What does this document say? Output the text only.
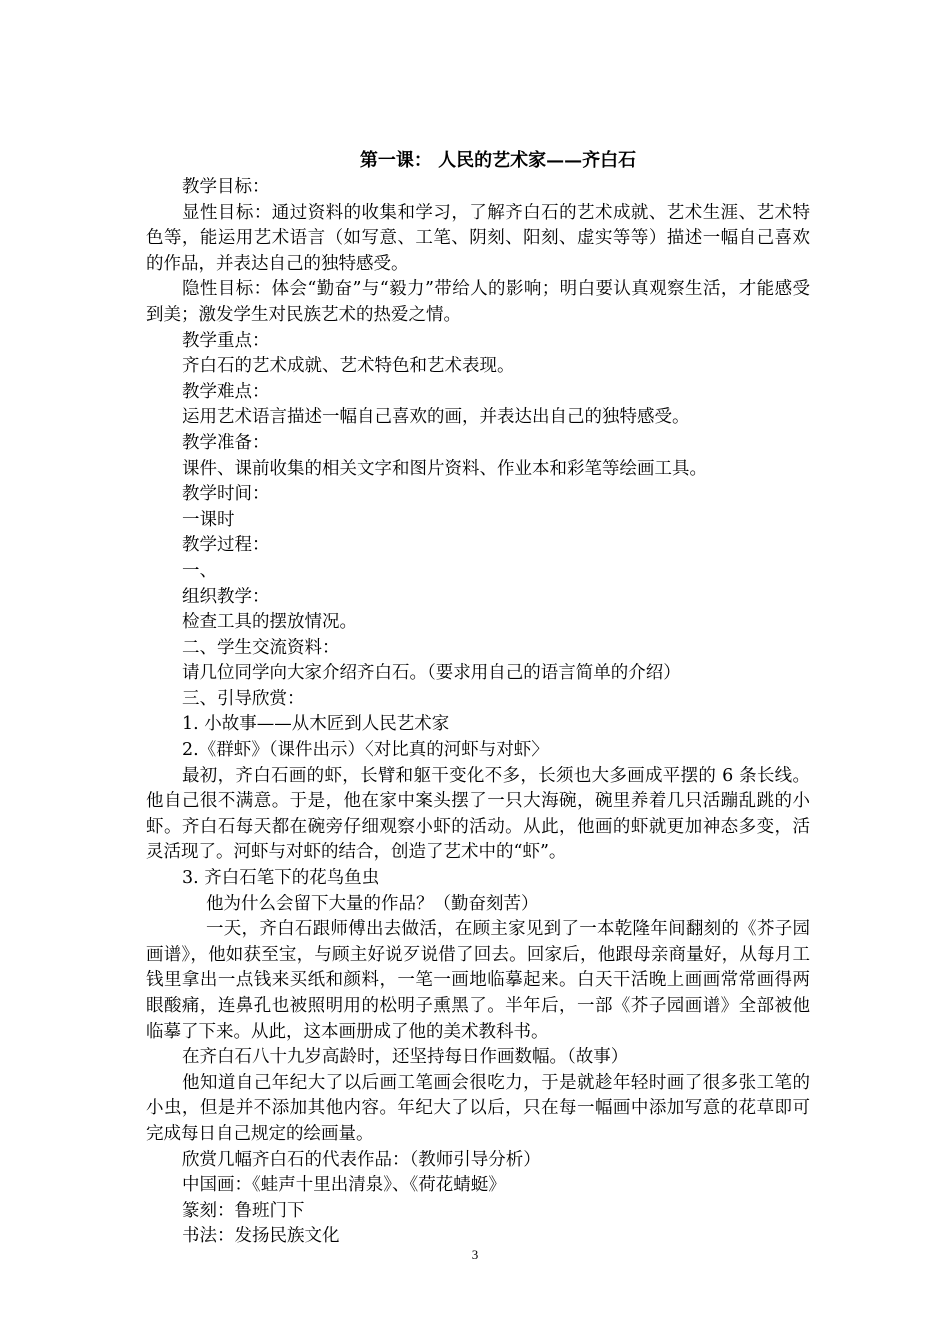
第一课： 人民的艺术家——齐白石

教学目标：

显性目标：通过资料的收集和学习，了解齐白石的艺术成就、艺术生涯、艺术特色等，能运用艺术语言（如写意、工笔、阴刻、阳刻、虚实等等）描述一幅自己喜欢的作品，并表达自己的独特感受。

隐性目标：体会“勤奋”与“毅力”带给人的影响；明白要认真观察生活，才能感受到美；激发学生对民族艺术的热爱之情。

教学重点：

齐白石的艺术成就、艺术特色和艺术表现。

教学难点：

运用艺术语言描述一幅自己喜欢的画，并表达出自己的独特感受。

教学准备：

课件、课前收集的相关文字和图片资料、作业本和彩笔等绘画工具。

教学时间：

一课时

教学过程：

一、

组织教学：

检查工具的摆放情况。

二、学生交流资料：

请几位同学向大家介绍齐白石。（要求用自己的语言简单的介绍）

三、引导欣赏：

1. 小故事——从木匠到人民艺术家

2.《群虾》（课件出示）〈对比真的河虾与对虾〉

最初，齐白石画的虾，长臂和躯干变化不多，长须也大多画成平摆的 6 条长线。他自己很不满意。于是，他在家中案头摆了一只大海碗，碗里养着几只活蹦乱跳的小虾。齐白石每天都在碗旁仔细观察小虾的活动。从此，他画的虾就更加神态多变，活灵活现了。河虾与对虾的结合，创造了艺术中的“虾”。

3. 齐白石笔下的花鸟鱼虫

他为什么会留下大量的作品？（勤奋刻苦）

一天，齐白石跟师傅出去做活，在顾主家见到了一本乾隆年间翻刻的《芥子园画谱》，他如获至宝，与顾主好说歹说借了回去。回家后，他跟母亲商量好，从每月工钱里拿出一点钱来买纸和颜料，一笔一画地临摹起来。白天干活晚上画画常常画得两眼酸痛，连鼻孔也被照明用的松明子熏黑了。半年后，一部《芥子园画谱》全部被他临摹了下来。从此，这本画册成了他的美术教科书。

在齐白石八十九岁高龄时，还坚持每日作画数幅。（故事）

他知道自己年纪大了以后画工笔画会很吃力，于是就趁年轻时画了很多张工笔的小虫，但是并不添加其他内容。年纪大了以后，只在每一幅画中添加写意的花草即可完成每日自己规定的绘画量。

欣赏几幅齐白石的代表作品：（教师引导分析）

中国画：《蛙声十里出清泉》、《荷花蜻蜓》

篆刻：鲁班门下

书法：发扬民族文化

3
